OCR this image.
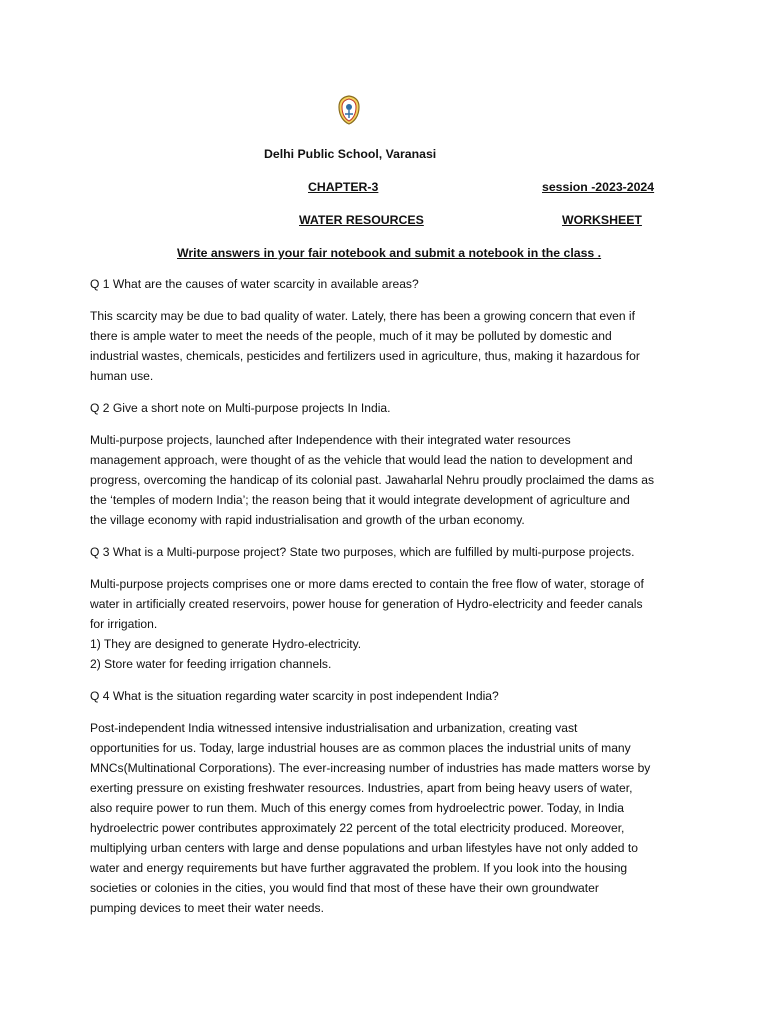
Delhi Public School, Varanasi
CHAPTER-3	session -2023-2024
WATER RESOURCES	WORKSHEET
Write answers in your fair notebook and submit a notebook in the class .

Q 1 What are the causes of water scarcity in available areas?

This scarcity may be due to bad quality of water. Lately, there has been a growing concern that even if
there is ample water to meet the needs of the people, much of it may be polluted by domestic and
industrial wastes, chemicals, pesticides and fertilizers used in agriculture, thus, making it hazardous for
human use.

Q 2 Give a short note on Multi-purpose projects In India.

Multi-purpose projects, launched after Independence with their integrated water resources
management approach, were thought of as the vehicle that would lead the nation to development and
progress, overcoming the handicap of its colonial past. Jawaharlal Nehru proudly proclaimed the dams as
the ‘temples of modern India’; the reason being that it would integrate development of agriculture and
the village economy with rapid industrialisation and growth of the urban economy.

Q 3 What is a Multi-purpose project? State two purposes, which are fulfilled by multi-purpose projects.

Multi-purpose projects comprises one or more dams erected to contain the free flow of water, storage of
water in artificially created reservoirs, power house for generation of Hydro-electricity and feeder canals
for irrigation.
1) They are designed to generate Hydro-electricity.
2) Store water for feeding irrigation channels.

Q 4 What is the situation regarding water scarcity in post independent India?

Post-independent India witnessed intensive industrialisation and urbanization, creating vast
opportunities for us. Today, large industrial houses are as common places the industrial units of many
MNCs(Multinational Corporations). The ever-increasing number of industries has made matters worse by
exerting pressure on existing freshwater resources. Industries, apart from being heavy users of water,
also require power to run them. Much of this energy comes from hydroelectric power. Today, in India
hydroelectric power contributes approximately 22 percent of the total electricity produced. Moreover,
multiplying urban centers with large and dense populations and urban lifestyles have not only added to
water and energy requirements but have further aggravated the problem. If you look into the housing
societies or colonies in the cities, you would find that most of these have their own groundwater
pumping devices to meet their water needs.
